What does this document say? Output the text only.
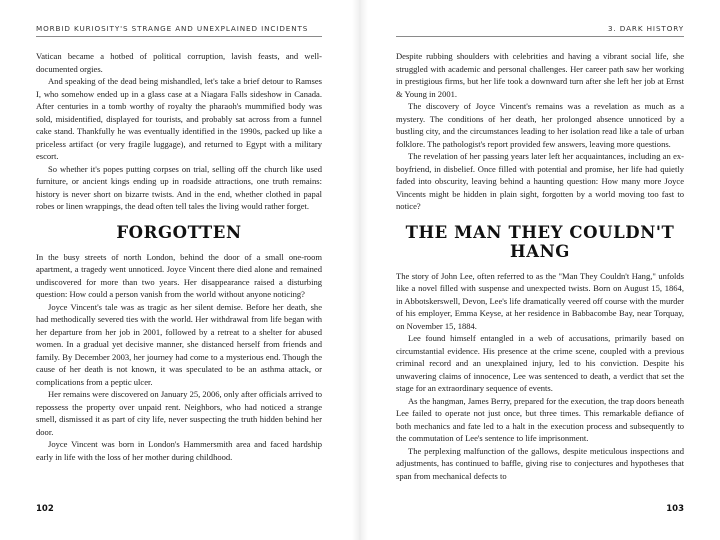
MORBID KURIOSITY'S STRANGE AND UNEXPLAINED INCIDENTS

Vatican became a hotbed of political corruption, lavish feasts, and well-documented orgies.

And speaking of the dead being mishandled, let's take a brief detour to Ramses I, who somehow ended up in a glass case at a Niagara Falls sideshow in Canada. After centuries in a tomb worthy of royalty the pharaoh's mummified body was sold, misidentified, displayed for tourists, and probably sat across from a funnel cake stand. Thankfully he was eventually identified in the 1990s, packed up like a priceless artifact (or very fragile luggage), and returned to Egypt with a military escort.

So whether it's popes putting corpses on trial, selling off the church like used furniture, or ancient kings ending up in roadside attractions, one truth remains: history is never short on bizarre twists. And in the end, whether clothed in papal robes or linen wrappings, the dead often tell tales the living would rather forget.

FORGOTTEN

In the busy streets of north London, behind the door of a small one-room apartment, a tragedy went unnoticed. Joyce Vincent there died alone and remained undiscovered for more than two years. Her disappearance raised a disturbing question: How could a person vanish from the world without anyone noticing?

Joyce Vincent's tale was as tragic as her silent demise. Before her death, she had methodically severed ties with the world. Her withdrawal from life began with her departure from her job in 2001, followed by a retreat to a shelter for abused women. In a gradual yet decisive manner, she distanced herself from friends and family. By December 2003, her journey had come to a mysterious end. Though the cause of her death is not known, it was speculated to be an asthma attack, or complications from a peptic ulcer.

Her remains were discovered on January 25, 2006, only after officials arrived to repossess the property over unpaid rent. Neighbors, who had noticed a strange smell, dismissed it as part of city life, never suspecting the truth hidden behind her door.

Joyce Vincent was born in London's Hammersmith area and faced hardship early in life with the loss of her mother during childhood.

102
3. DARK HISTORY

Despite rubbing shoulders with celebrities and having a vibrant social life, she struggled with academic and personal challenges. Her career path saw her working in prestigious firms, but her life took a downward turn after she left her job at Ernst & Young in 2001.

The discovery of Joyce Vincent's remains was a revelation as much as a mystery. The conditions of her death, her prolonged absence unnoticed by a bustling city, and the circumstances leading to her isolation read like a tale of urban folklore. The pathologist's report provided few answers, leaving more questions.

The revelation of her passing years later left her acquaintances, including an ex-boyfriend, in disbelief. Once filled with potential and promise, her life had quietly faded into obscurity, leaving behind a haunting question: How many more Joyce Vincents might be hidden in plain sight, forgotten by a world moving too fast to notice?

THE MAN THEY COULDN'T HANG

The story of John Lee, often referred to as the "Man They Couldn't Hang," unfolds like a novel filled with suspense and unexpected twists. Born on August 15, 1864, in Abbotskerswell, Devon, Lee's life dramatically veered off course with the murder of his employer, Emma Keyse, at her residence in Babbacombe Bay, near Torquay, on November 15, 1884.

Lee found himself entangled in a web of accusations, primarily based on circumstantial evidence. His presence at the crime scene, coupled with a previous criminal record and an unexplained injury, led to his conviction. Despite his unwavering claims of innocence, Lee was sentenced to death, a verdict that set the stage for an extraordinary sequence of events.

As the hangman, James Berry, prepared for the execution, the trap doors beneath Lee failed to operate not just once, but three times. This remarkable defiance of both mechanics and fate led to a halt in the execution process and subsequently to the commutation of Lee's sentence to life imprisonment.

The perplexing malfunction of the gallows, despite meticulous inspections and adjustments, has continued to baffle, giving rise to conjectures and hypotheses that span from mechanical defects to

103
